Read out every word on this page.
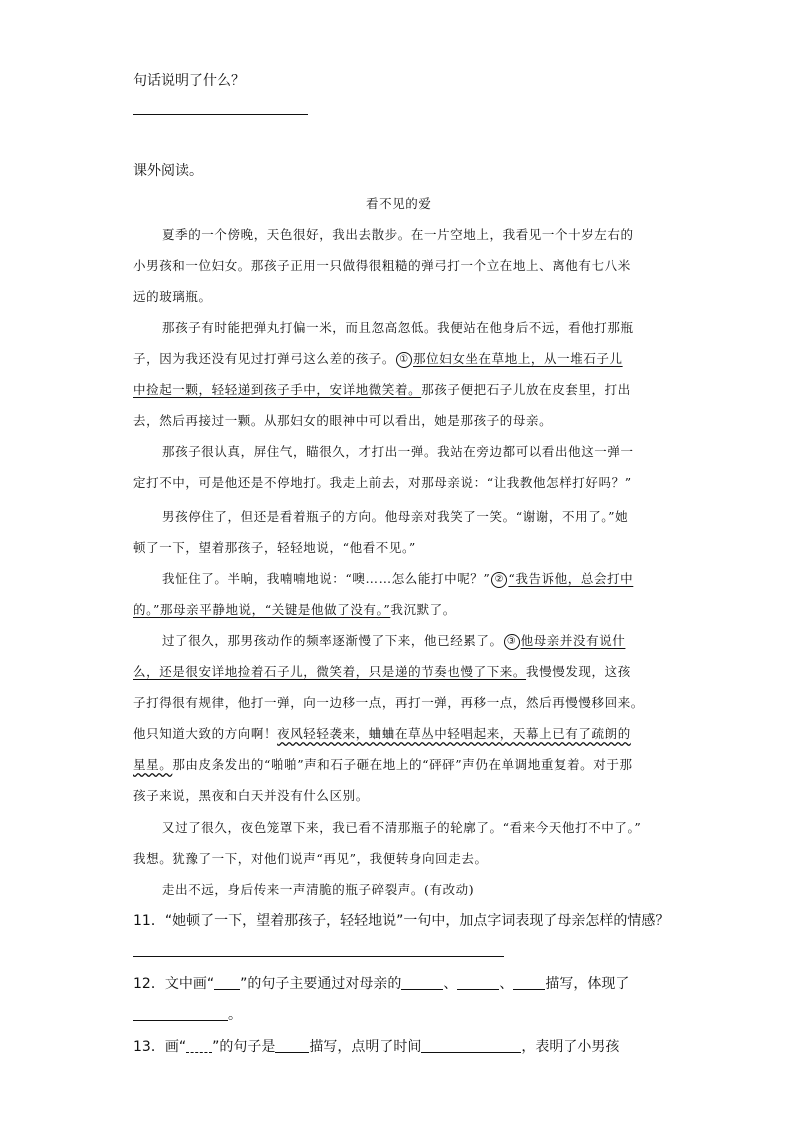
句话说明了什么？
课外阅读。
看不见的爱
夏季的一个傍晚，天色很好，我出去散步。在一片空地上，我看见一个十岁左右的
小男孩和一位妇女。那孩子正用一只做得很粗糙的弹弓打一个立在地上、离他有七八米
远的玻璃瓶。
那孩子有时能把弹丸打偏一米，而且忽高忽低。我便站在他身后不远，看他打那瓶
子，因为我还没有见过打弹弓这么差的孩子。 ① 那位妇女坐在草地上，从一堆石子儿
中捡起一颗，轻轻递到孩子手中，安详地微笑着。那孩子便把石子儿放在皮套里，打出
去，然后再接过一颗。从那妇女的眼神中可以看出，她是那孩子的母亲。
那孩子很认真，屏住气，瞄很久，才打出一弹。我站在旁边都可以看出他这一弹一
定打不中，可是他还是不停地打。我走上前去，对那母亲说：“让我教他怎样打好吗？”
男孩停住了，但还是看着瓶子的方向。他母亲对我笑了一笑。“谢谢，不用了。”她
顿了一下，望着那孩子，轻轻地说，“他看不见。”
我怔住了。半晌，我喃喃地说：“噢……怎么能打中呢？” ② “我告诉他，总会打中
的。”那母亲平静地说，“关键是他做了没有。”我沉默了。
过了很久，那男孩动作的频率逐渐慢了下来，他已经累了。 ③ 他母亲并没有说什
么，还是很安详地捡着石子儿，微笑着，只是递的节奏也慢了下来。我慢慢发现，这孩
子打得很有规律，他打一弹，向一边移一点，再打一弹，再移一点，然后再慢慢移回来。
他只知道大致的方向啊！夜风轻轻袭来，蛐蛐在草丛中轻唱起来，天幕上已有了疏朗的
星星。那由皮条发出的“啪啪”声和石子砸在地上的“砰砰”声仍在单调地重复着。对于那
孩子来说，黑夜和白天并没有什么区别。
又过了很久，夜色笼罩下来，我已看不清那瓶子的轮廓了。“看来今天他打不中了。”
我想。犹豫了一下，对他们说声“再见”，我便转身向回走去。
走出不远，身后传来一声清脆的瓶子碎裂声。(有改动)
11．“她顿了一下，望着那孩子，轻轻地说”一句中，加点字词表现了母亲怎样的情感？
12．文中画“ ”的句子主要通过对母亲的	、	、 描写，体现了
。
13．画“ ”的句子是 描写，点明了时间	，表明了小男孩
